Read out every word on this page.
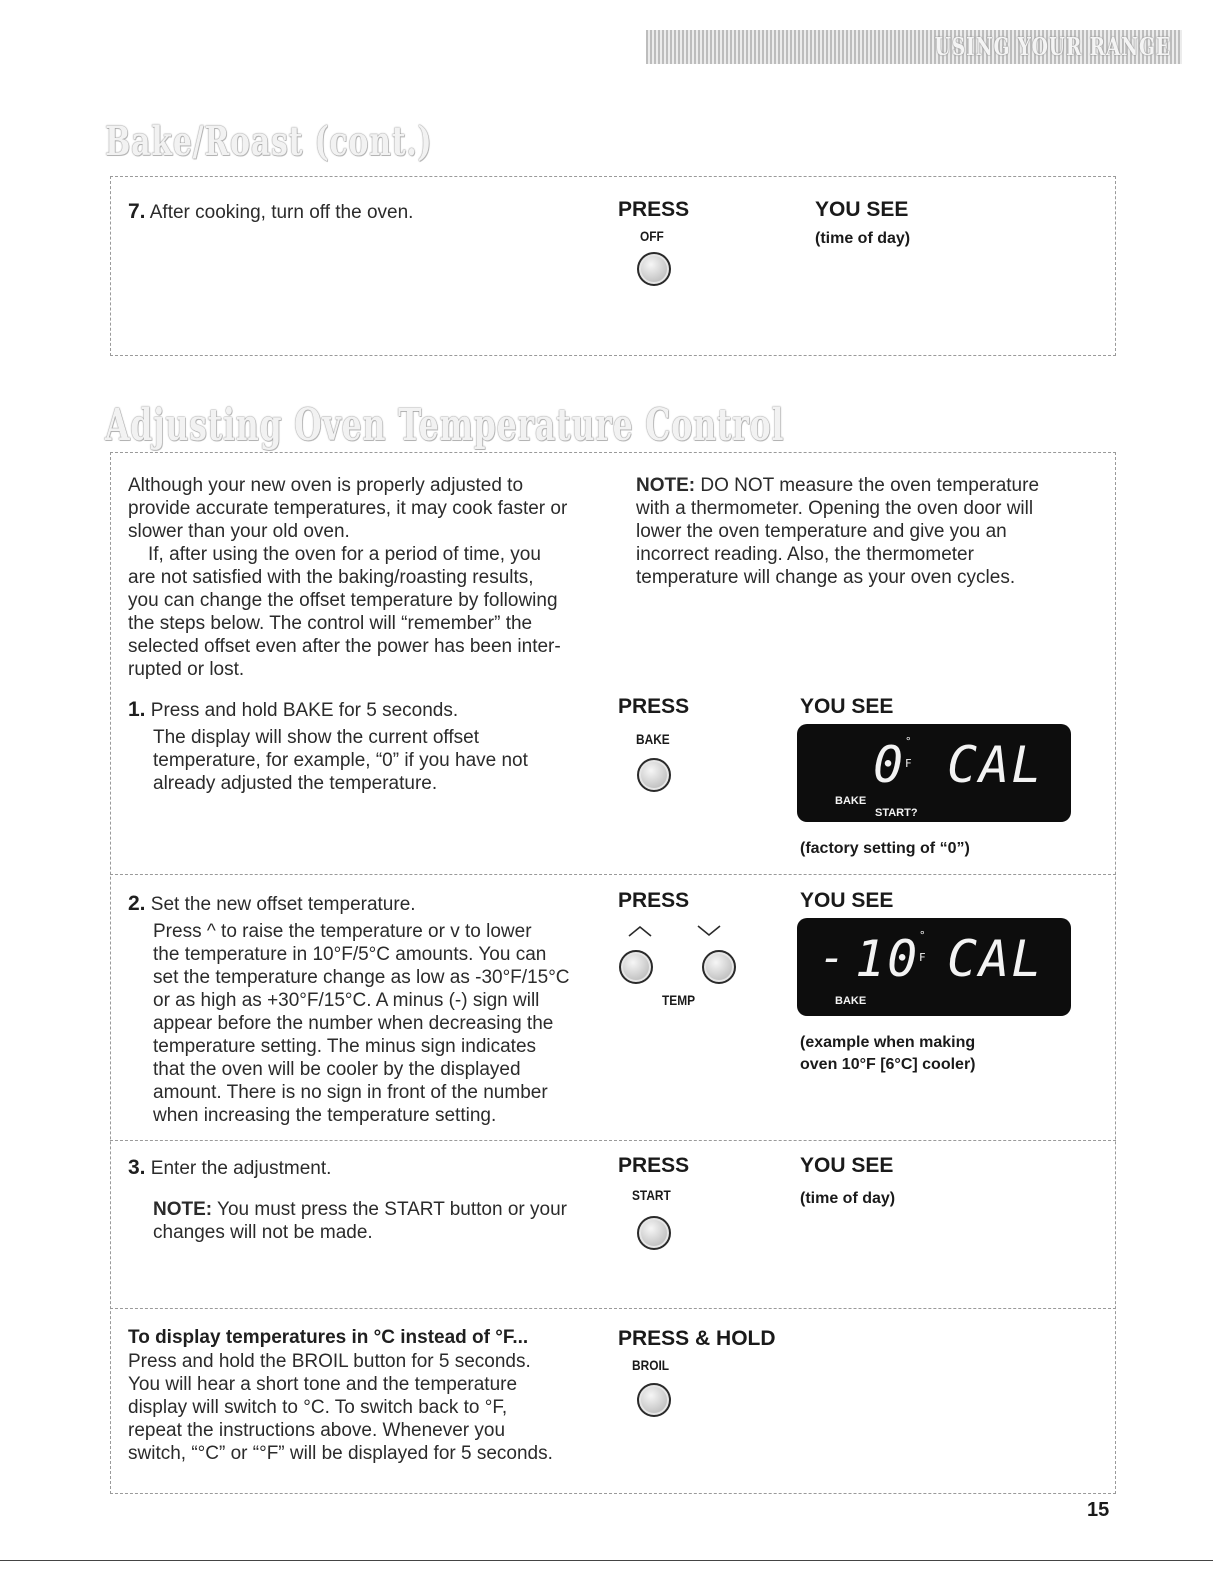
USING YOUR RANGE
Bake/Roast (cont.)
7. After cooking, turn off the oven.	PRESS
OFF
YOU SEE
(time of day)
Adjusting Oven Temperature Control
Although your new oven is properly adjusted to
provide accurate temperatures, it may cook faster or
slower than your old oven.
If, after using the oven for a period of time, you
are not satisfied with the baking/roasting results,
you can change the offset temperature by following
the steps below. The control will “remember” the
selected offset even after the power has been inter-
rupted or lost.
NOTE: DO NOT measure the oven temperature
with a thermometer. Opening the oven door will
lower the oven temperature and give you an
incorrect reading. Also, the thermometer
temperature will change as your oven cycles.
1. Press and hold BAKE for 5 seconds.
The display will show the current offset
temperature, for example, “0” if you have not
already adjusted the temperature.
PRESS
BAKE
YOU SEE
0 °
F CAL
BAKE
START?
(factory setting of “0”)
2. Set the new offset temperature.
Press ^ to raise the temperature or v to lower
the temperature in 10°F/5°C amounts. You can
set the temperature change as low as -30°F/15°C
or as high as +30°F/15°C. A minus (-) sign will
appear before the number when decreasing the
temperature setting. The minus sign indicates
that the oven will be cooler by the displayed
amount. There is no sign in front of the number
when increasing the temperature setting.
PRESS
TEMP
YOU SEE
- 10 °
F CAL
BAKE
(example when making
oven 10°F [6°C] cooler)
3. Enter the adjustment.
NOTE: You must press the START button or your
changes will not be made.
PRESS
START
YOU SEE
(time of day)
To display temperatures in °C instead of °F...
Press and hold the BROIL button for 5 seconds.
You will hear a short tone and the temperature
display will switch to °C. To switch back to °F,
repeat the instructions above. Whenever you
switch, “°C” or “°F” will be displayed for 5 seconds.
PRESS & HOLD
BROIL
15
